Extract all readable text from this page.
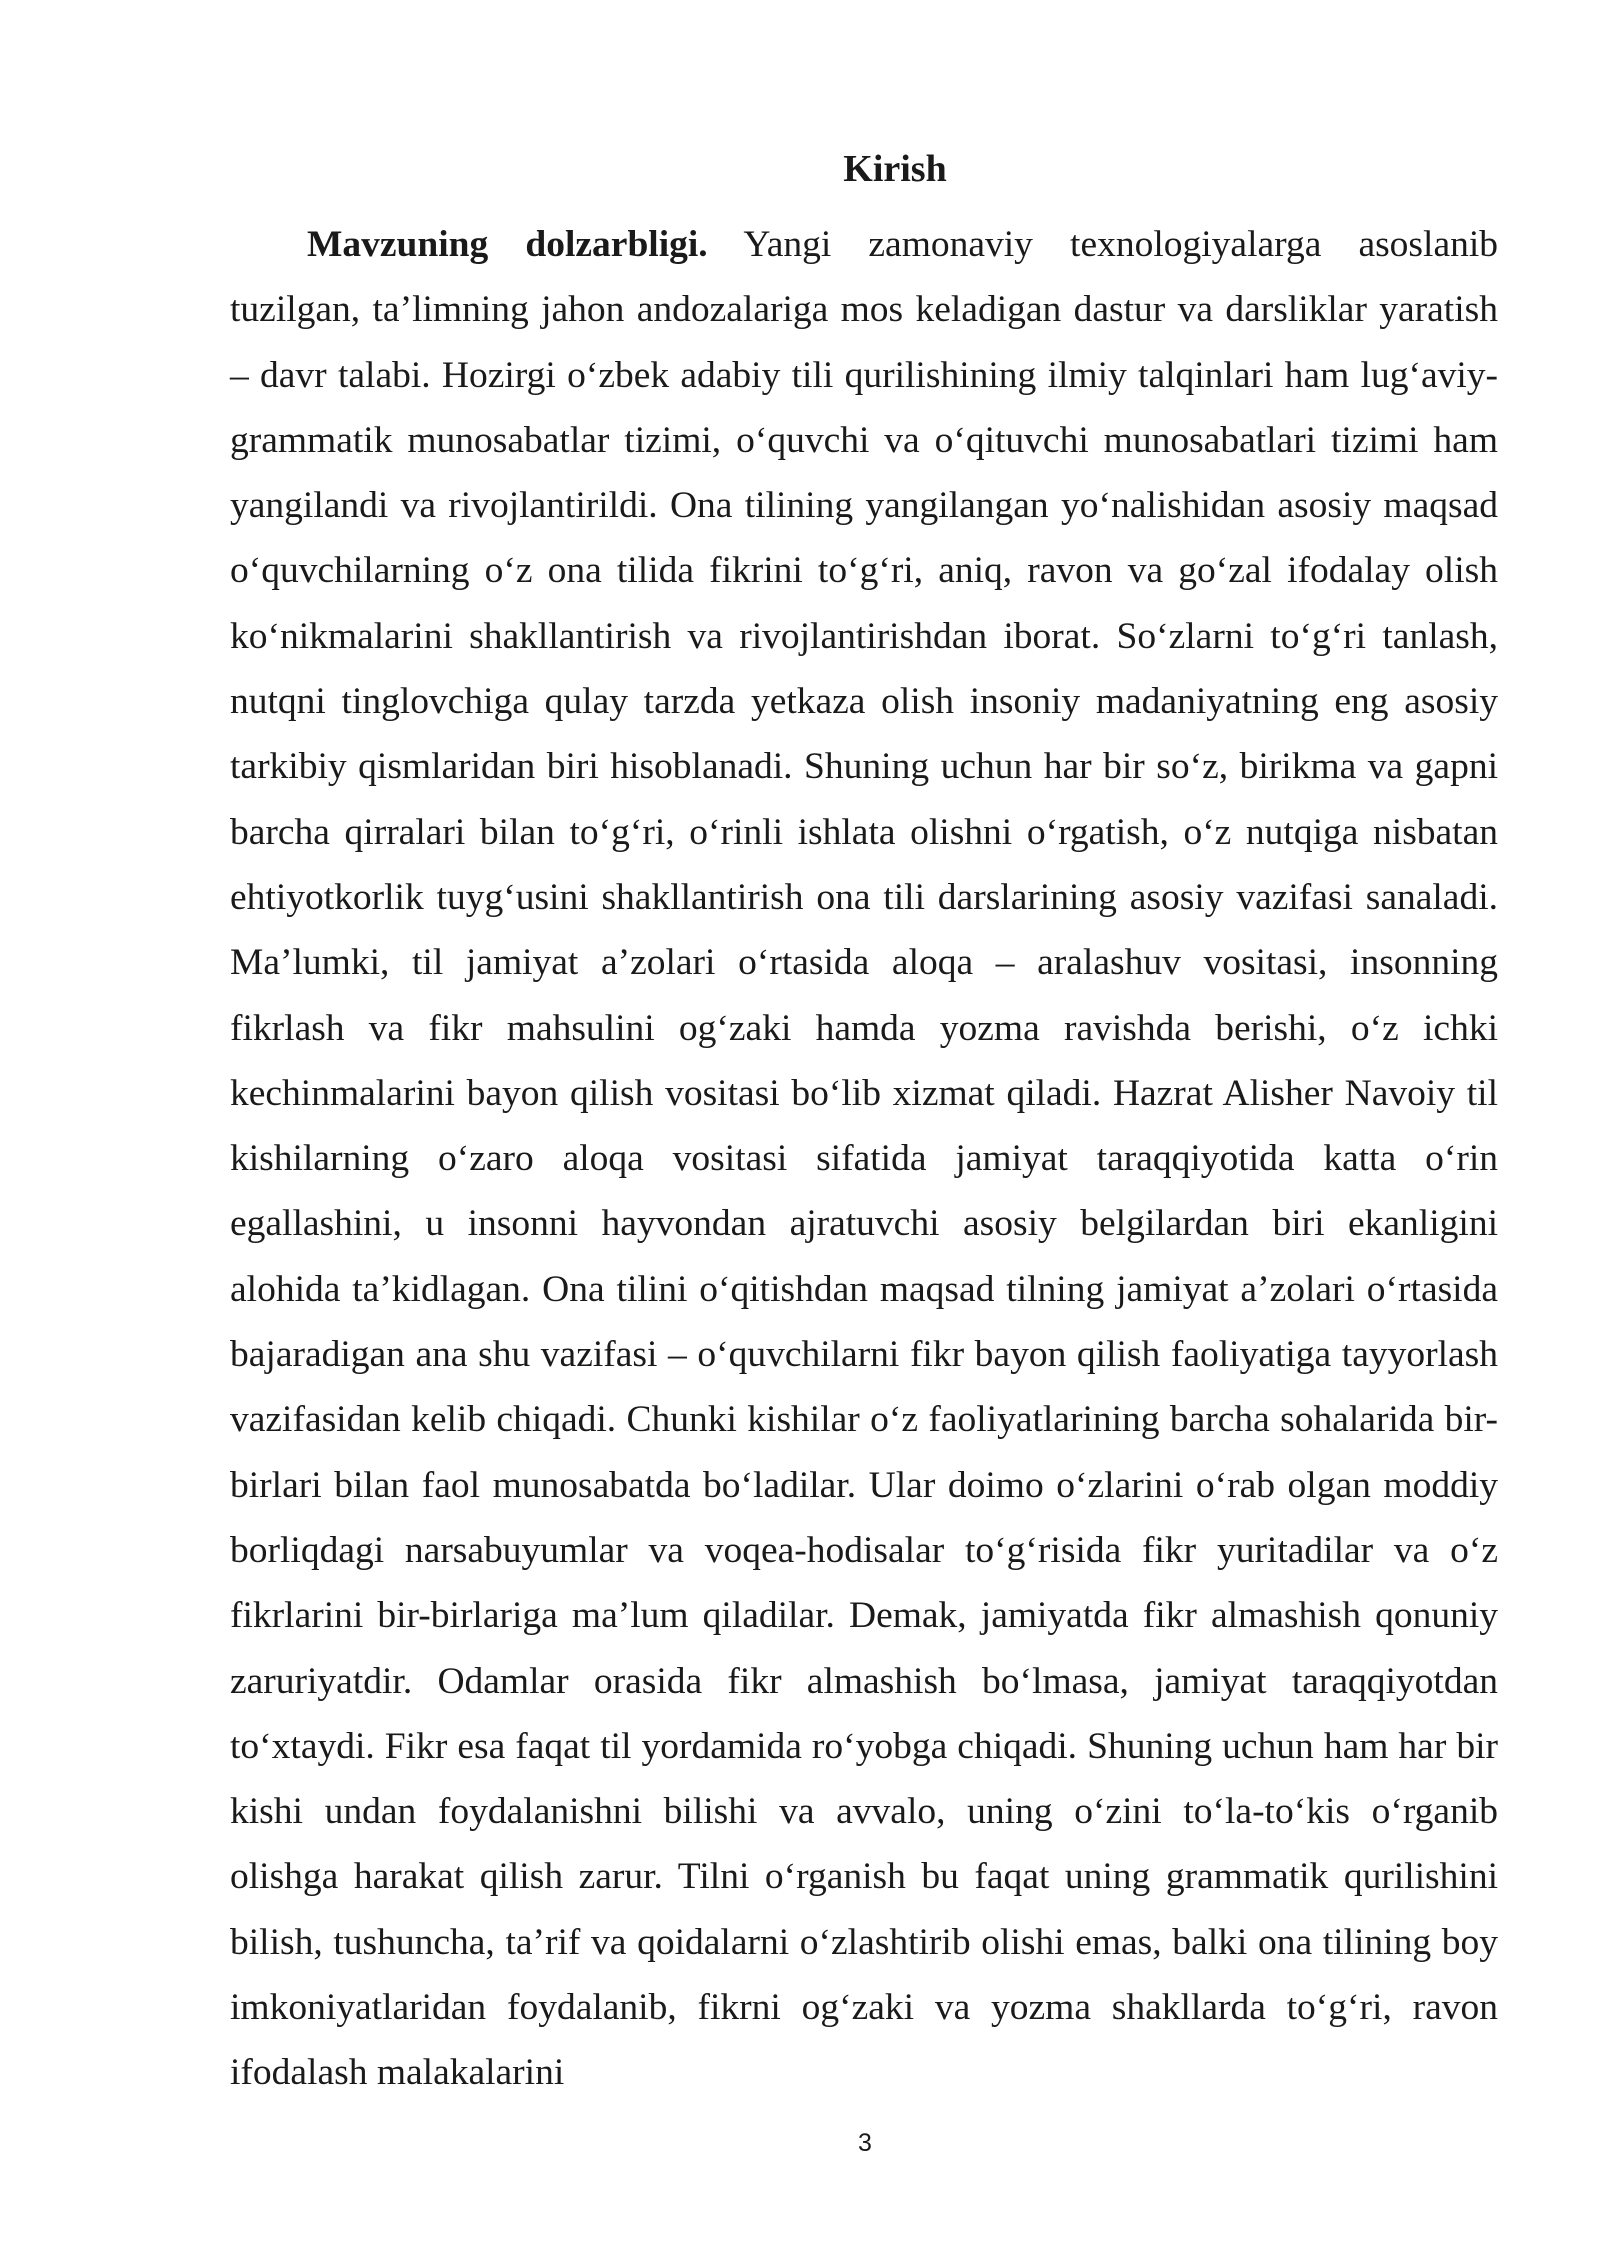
Kirish

Mavzuning dolzarbligi. Yangi zamonaviy texnologiyalarga asoslanib tuzilgan, ta’limning jahon andozalariga mos keladigan dastur va darsliklar yaratish – davr talabi. Hozirgi o‘zbek adabiy tili qurilishining ilmiy talqinlari ham lug‘aviy-grammatik munosabatlar tizimi, o‘quvchi va o‘qituvchi munosabatlari tizimi ham yangilandi va rivojlantirildi. Ona tilining yangilangan yo‘nalishidan asosiy maqsad o‘quvchilarning o‘z ona tilida fikrini to‘g‘ri, aniq, ravon va go‘zal ifodalay olish ko‘nikmalarini shakllantirish va rivojlantirishdan iborat. So‘zlarni to‘g‘ri tanlash, nutqni tinglovchiga qulay tarzda yetkaza olish insoniy madaniyatning eng asosiy tarkibiy qismlaridan biri hisoblanadi. Shuning uchun har bir so‘z, birikma va gapni barcha qirralari bilan to‘g‘ri, o‘rinli ishlata olishni o‘rgatish, o‘z nutqiga nisbatan ehtiyotkorlik tuyg‘usini shakllantirish ona tili darslarining asosiy vazifasi sanaladi. Ma’lumki, til jamiyat a’zolari o‘rtasida aloqa – aralashuv vositasi, insonning fikrlash va fikr mahsulini og‘zaki hamda yozma ravishda berishi, o‘z ichki kechinmalarini bayon qilish vositasi bo‘lib xizmat qiladi. Hazrat Alisher Navoiy til kishilarning o‘zaro aloqa vositasi sifatida jamiyat taraqqiyotida katta o‘rin egallashini, u insonni hayvondan ajratuvchi asosiy belgilardan biri ekanligini alohida ta’kidlagan. Ona tilini o‘qitishdan maqsad tilning jamiyat a’zolari o‘rtasida bajaradigan ana shu vazifasi – o‘quvchilarni fikr bayon qilish faoliyatiga tayyorlash vazifasidan kelib chiqadi. Chunki kishilar o‘z faoliyatlarining barcha sohalarida bir-birlari bilan faol munosabatda bo‘ladilar. Ular doimo o‘zlarini o‘rab olgan moddiy borliqdagi narsabuyumlar va voqea-hodisalar to‘g‘risida fikr yuritadilar va o‘z fikrlarini bir-birlariga ma’lum qiladilar. Demak, jamiyatda fikr almashish qonuniy zaruriyatdir. Odamlar orasida fikr almashish bo‘lmasa, jamiyat taraqqiyotdan to‘xtaydi. Fikr esa faqat til yordamida ro‘yobga chiqadi. Shuning uchun ham har bir kishi undan foydalanishni bilishi va avvalo, uning o‘zini to‘la-to‘kis o‘rganib olishga harakat qilish zarur. Tilni o‘rganish bu faqat uning grammatik qurilishini bilish, tushuncha, ta’rif va qoidalarni o‘zlashtirib olishi emas, balki ona tilining boy imkoniyatlaridan foydalanib, fikrni og‘zaki va yozma shakllarda to‘g‘ri, ravon ifodalash malakalarini

3
